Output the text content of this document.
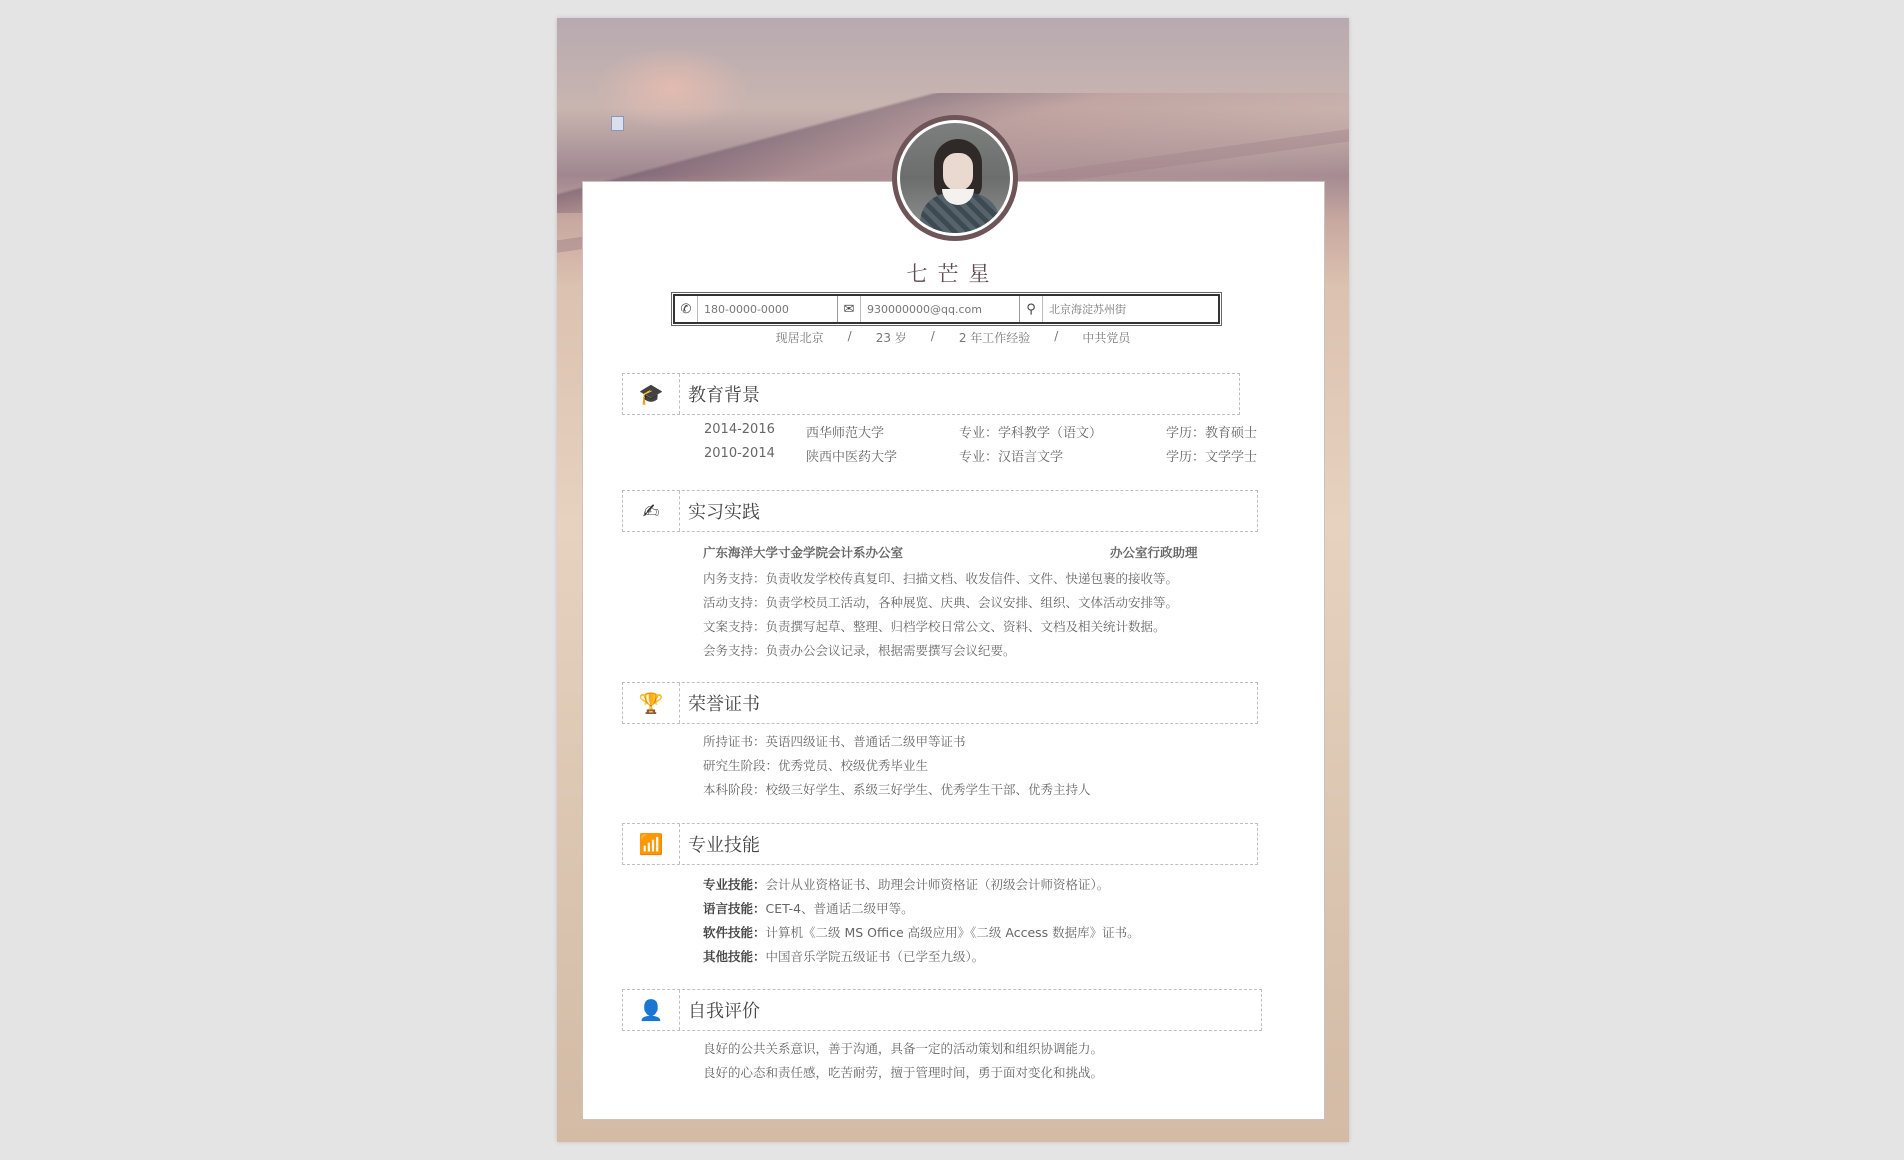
七芒星
✆	180-0000-0000	✉	930000000@qq.com	⚲	北京海淀苏州街
现居北京 / 23 岁 / 2 年工作经验 / 中共党员
🎓	教育背景
2014-2016 西华师范大学	专业：学科教学（语文）	学历：教育硕士
2010-2014 陕西中医药大学	专业：汉语言文学	学历：文学学士
✍	实习实践
广东海洋大学寸金学院会计系办公室	办公室行政助理
内务支持：负责收发学校传真复印、扫描文档、收发信件、文件、快递包裹的接收等。
活动支持：负责学校员工活动，各种展览、庆典、会议安排、组织、文体活动安排等。
文案支持：负责撰写起草、整理、归档学校日常公文、资料、文档及相关统计数据。
会务支持：负责办公会议记录，根据需要撰写会议纪要。
🏆	荣誉证书
所持证书：英语四级证书、普通话二级甲等证书
研究生阶段：优秀党员、校级优秀毕业生
本科阶段：校级三好学生、系级三好学生、优秀学生干部、优秀主持人
📶	专业技能
专业技能：会计从业资格证书、助理会计师资格证（初级会计师资格证）。
语言技能：CET-4、普通话二级甲等。
软件技能：计算机《二级 MS Office 高级应用》《二级 Access 数据库》证书。
其他技能：中国音乐学院五级证书（已学至九级）。
👤	自我评价
良好的公共关系意识，善于沟通，具备一定的活动策划和组织协调能力。
良好的心态和责任感，吃苦耐劳，擅于管理时间，勇于面对变化和挑战。
